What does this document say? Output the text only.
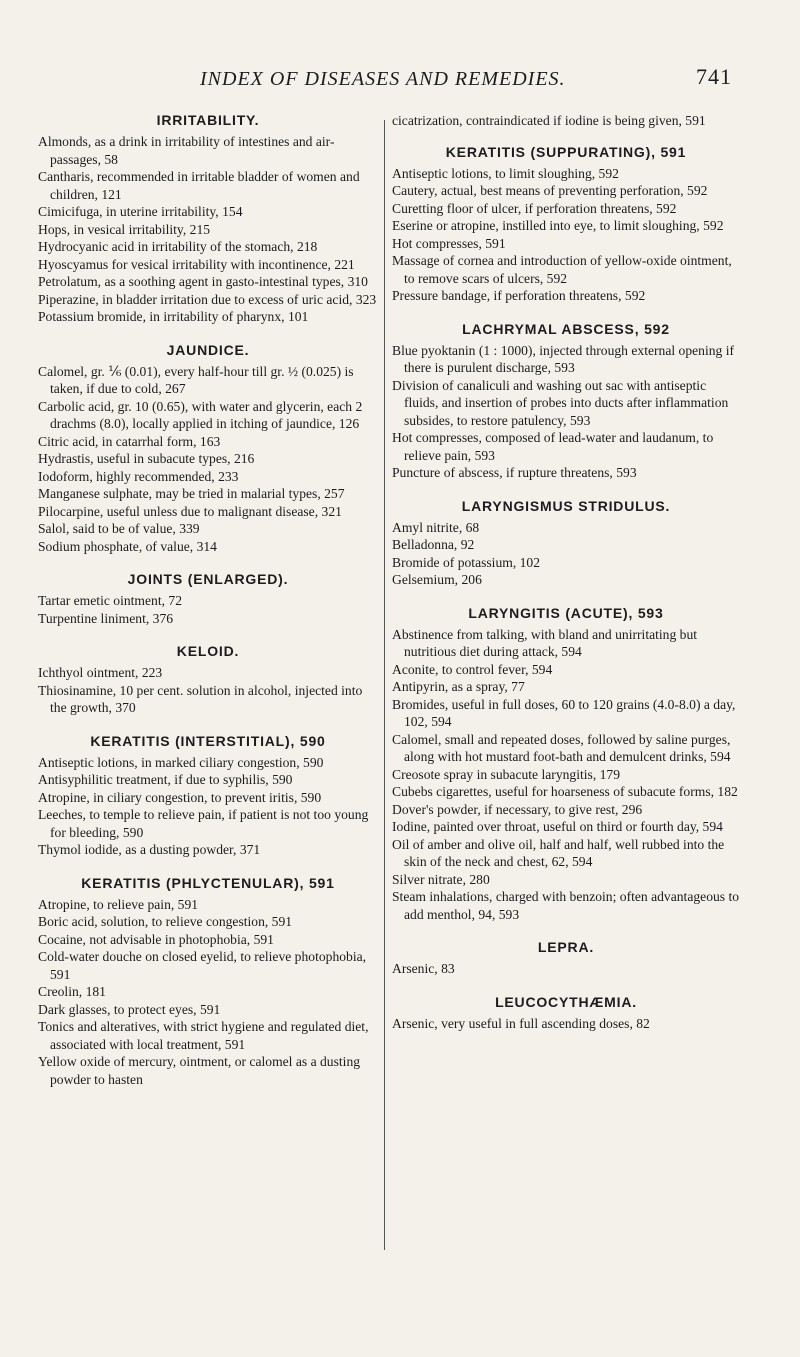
INDEX OF DISEASES AND REMEDIES.	741
IRRITABILITY.

Almonds, as a drink in irritability of intestines and air-passages, 58

Cantharis, recommended in irritable bladder of women and children, 121

Cimicifuga, in uterine irritability, 154

Hops, in vesical irritability, 215

Hydrocyanic acid in irritability of the stomach, 218

Hyoscyamus for vesical irritability with incontinence, 221

Petrolatum, as a soothing agent in gasto-intestinal types, 310

Piperazine, in bladder irritation due to excess of uric acid, 323

Potassium bromide, in irritability of pharynx, 101

JAUNDICE.

Calomel, gr. ⅙ (0.01), every half-hour till gr. ½ (0.025) is taken, if due to cold, 267

Carbolic acid, gr. 10 (0.65), with water and glycerin, each 2 drachms (8.0), locally applied in itching of jaundice, 126

Citric acid, in catarrhal form, 163

Hydrastis, useful in subacute types, 216

Iodoform, highly recommended, 233

Manganese sulphate, may be tried in malarial types, 257

Pilocarpine, useful unless due to malignant disease, 321

Salol, said to be of value, 339

Sodium phosphate, of value, 314

JOINTS (ENLARGED).

Tartar emetic ointment, 72

Turpentine liniment, 376

KELOID.

Ichthyol ointment, 223

Thiosinamine, 10 per cent. solution in alcohol, injected into the growth, 370

KERATITIS (INTERSTITIAL), 590

Antiseptic lotions, in marked ciliary congestion, 590

Antisyphilitic treatment, if due to syphilis, 590

Atropine, in ciliary congestion, to prevent iritis, 590

Leeches, to temple to relieve pain, if patient is not too young for bleeding, 590

Thymol iodide, as a dusting powder, 371

KERATITIS (PHLYCTENULAR), 591

Atropine, to relieve pain, 591

Boric acid, solution, to relieve congestion, 591

Cocaine, not advisable in photophobia, 591

Cold-water douche on closed eyelid, to relieve photophobia, 591

Creolin, 181

Dark glasses, to protect eyes, 591

Tonics and alteratives, with strict hygiene and regulated diet, associated with local treatment, 591

Yellow oxide of mercury, ointment, or calomel as a dusting powder to hasten

cicatrization, contraindicated if iodine is being given, 591

KERATITIS (SUPPURATING), 591

Antiseptic lotions, to limit sloughing, 592

Cautery, actual, best means of preventing perforation, 592

Curetting floor of ulcer, if perforation threatens, 592

Eserine or atropine, instilled into eye, to limit sloughing, 592

Hot compresses, 591

Massage of cornea and introduction of yellow-oxide ointment, to remove scars of ulcers, 592

Pressure bandage, if perforation threatens, 592

LACHRYMAL ABSCESS, 592

Blue pyoktanin (1 : 1000), injected through external opening if there is purulent discharge, 593

Division of canaliculi and washing out sac with antiseptic fluids, and insertion of probes into ducts after inflammation subsides, to restore patulency, 593

Hot compresses, composed of lead-water and laudanum, to relieve pain, 593

Puncture of abscess, if rupture threatens, 593

LARYNGISMUS STRIDULUS.

Amyl nitrite, 68

Belladonna, 92

Bromide of potassium, 102

Gelsemium, 206

LARYNGITIS (ACUTE), 593

Abstinence from talking, with bland and unirritating but nutritious diet during attack, 594

Aconite, to control fever, 594

Antipyrin, as a spray, 77

Bromides, useful in full doses, 60 to 120 grains (4.0-8.0) a day, 102, 594

Calomel, small and repeated doses, followed by saline purges, along with hot mustard foot-bath and demulcent drinks, 594

Creosote spray in subacute laryngitis, 179

Cubebs cigarettes, useful for hoarseness of subacute forms, 182

Dover's powder, if necessary, to give rest, 296

Iodine, painted over throat, useful on third or fourth day, 594

Oil of amber and olive oil, half and half, well rubbed into the skin of the neck and chest, 62, 594

Silver nitrate, 280

Steam inhalations, charged with benzoin; often advantageous to add menthol, 94, 593

LEPRA.

Arsenic, 83

LEUCOCYTHÆMIA.

Arsenic, very useful in full ascending doses, 82
